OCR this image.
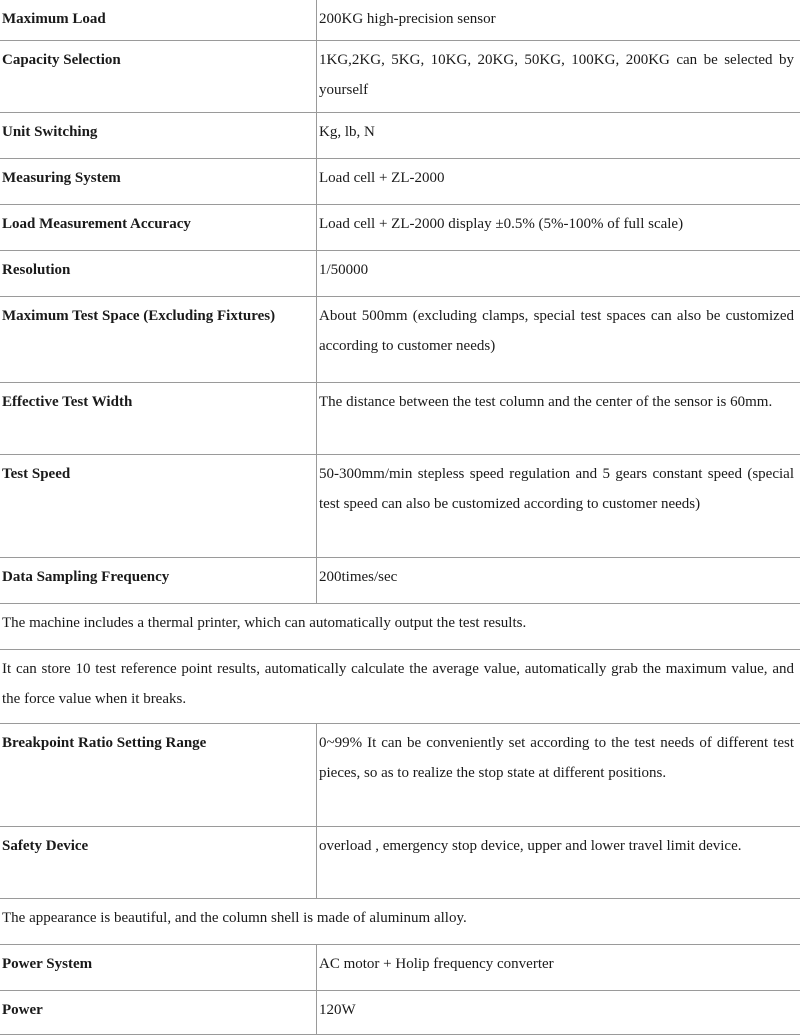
Maximum Load	200KG high-precision sensor
Capacity Selection	1KG,2KG, 5KG, 10KG, 20KG, 50KG, 100KG, 200KG can be selected by yourself
Unit Switching	Kg, lb, N
Measuring System	Load cell + ZL-2000
Load Measurement Accuracy	Load cell + ZL-2000 display ±0.5% (5%-100% of full scale)
Resolution	1/50000
Maximum Test Space (Excluding Fixtures)	About 500mm (excluding clamps, special test spaces can also be customized according to customer needs)
Effective Test Width	The distance between the test column and the center of the sensor is 60mm.
Test Speed	50-300mm/min stepless speed regulation and 5 gears constant speed (special test speed can also be customized according to customer needs)
Data Sampling Frequency	200times/sec
The machine includes a thermal printer, which can automatically output the test results.	
It can store 10 test reference point results, automatically calculate the average value, automatically grab the maximum value, and the force value when it breaks.	
Breakpoint Ratio Setting Range	0~99% It can be conveniently set according to the test needs of different test pieces, so as to realize the stop state at different positions.
Safety Device	overload , emergency stop device, upper and lower travel limit device.
The appearance is beautiful, and the column shell is made of aluminum alloy.	
Power System	AC motor + Holip frequency converter
Power	120W
